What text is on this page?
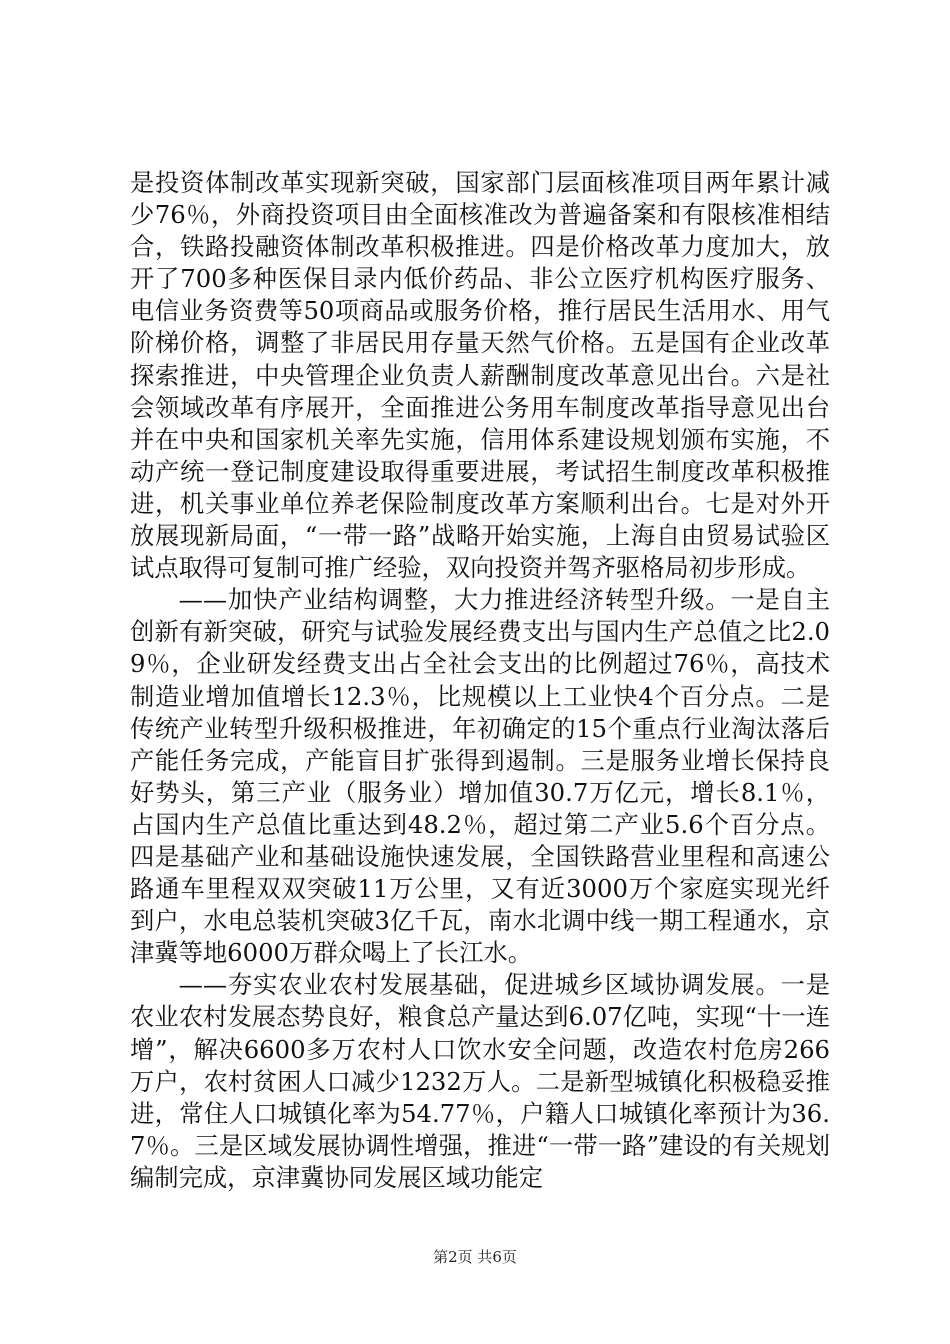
是投资体制改革实现新突破，国家部门层面核准项目两年累计减少76％，外商投资项目由全面核准改为普遍备案和有限核准相结合，铁路投融资体制改革积极推进。四是价格改革力度加大，放开了700多种医保目录内低价药品、非公立医疗机构医疗服务、电信业务资费等50项商品或服务价格，推行居民生活用水、用气阶梯价格，调整了非居民用存量天然气价格。五是国有企业改革探索推进，中央管理企业负责人薪酬制度改革意见出台。六是社会领域改革有序展开，全面推进公务用车制度改革指导意见出台并在中央和国家机关率先实施，信用体系建设规划颁布实施，不动产统一登记制度建设取得重要进展，考试招生制度改革积极推进，机关事业单位养老保险制度改革方案顺利出台。七是对外开放展现新局面，“一带一路”战略开始实施，上海自由贸易试验区试点取得可复制可推广经验，双向投资并驾齐驱格局初步形成。

——加快产业结构调整，大力推进经济转型升级。一是自主创新有新突破，研究与试验发展经费支出与国内生产总值之比2.09％，企业研发经费支出占全社会支出的比例超过76％，高技术制造业增加值增长12.3％，比规模以上工业快4个百分点。二是传统产业转型升级积极推进，年初确定的15个重点行业淘汰落后产能任务完成，产能盲目扩张得到遏制。三是服务业增长保持良好势头，第三产业（服务业）增加值30.7万亿元，增长8.1％，占国内生产总值比重达到48.2％，超过第二产业5.6个百分点。四是基础产业和基础设施快速发展，全国铁路营业里程和高速公路通车里程双双突破11万公里，又有近3000万个家庭实现光纤到户，水电总装机突破3亿千瓦，南水北调中线一期工程通水，京津冀等地6000万群众喝上了长江水。

——夯实农业农村发展基础，促进城乡区域协调发展。一是农业农村发展态势良好，粮食总产量达到6.07亿吨，实现“十一连增”，解决6600多万农村人口饮水安全问题，改造农村危房266万户，农村贫困人口减少1232万人。二是新型城镇化积极稳妥推进，常住人口城镇化率为54.77％，户籍人口城镇化率预计为36.7％。三是区域发展协调性增强，推进“一带一路”建设的有关规划编制完成，京津冀协同发展区域功能定

第2页 共6页
